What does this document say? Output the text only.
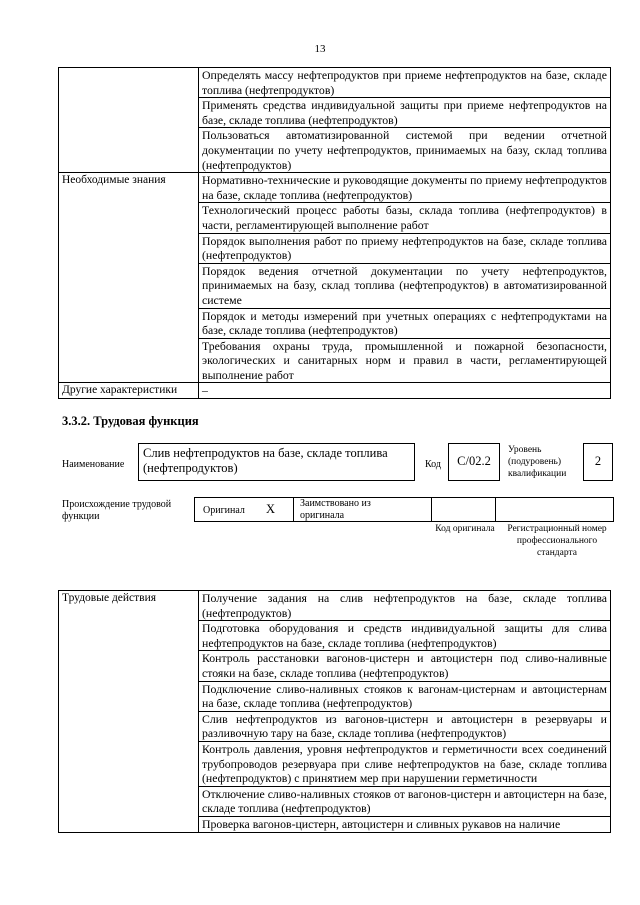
13

	Определять массу нефтепродуктов при приеме нефтепродуктов на базе, складе топлива (нефтепродуктов)

	Применять средства индивидуальной защиты при приеме нефтепродуктов на базе, складе топлива (нефтепродуктов)

	Пользоваться автоматизированной системой при ведении отчетной документации по учету нефтепродуктов, принимаемых на базу, склад топлива (нефтепродуктов)

Необходимые знания	Нормативно-технические и руководящие документы по приему нефтепродуктов на базе, складе топлива (нефтепродуктов)

	Технологический процесс работы базы, склада топлива (нефтепродуктов) в части, регламентирующей выполнение работ

	Порядок выполнения работ по приему нефтепродуктов на базе, складе топлива (нефтепродуктов)

	Порядок ведения отчетной документации по учету нефтепродуктов, принимаемых на базу, склад топлива (нефтепродуктов) в автоматизированной системе

	Порядок и методы измерений при учетных операциях с нефтепродуктами на базе, складе топлива (нефтепродуктов)

	Требования охраны труда, промышленной и пожарной безопасности, экологических и санитарных норм и правил в части, регламентирующей выполнение работ

Другие характеристики	–
3.3.2. Трудовая функция
Наименование
Слив нефтепродуктов на базе, складе топлива (нефтепродуктов)	Код	C/02.2
Уровень (подуровень) квалификации
2
Происхождение трудовой функции
Оригинал X Заимствовано из оригинала
Код оригинала	Регистрационный номер профессионального стандарта
Трудовые действия	Получение задания на слив нефтепродуктов на базе, складе топлива (нефтепродуктов)

Подготовка оборудования и средств индивидуальной защиты для слива нефтепродуктов на базе, складе топлива (нефтепродуктов)

Контроль расстановки вагонов-цистерн и автоцистерн под сливо-наливные стояки на базе, складе топлива (нефтепродуктов)

Подключение сливо-наливных стояков к вагонам-цистернам и автоцистернам на базе, складе топлива (нефтепродуктов)

Слив нефтепродуктов из вагонов-цистерн и автоцистерн в резервуары и разливочную тару на базе, складе топлива (нефтепродуктов)

Контроль давления, уровня нефтепродуктов и герметичности всех соединений трубопроводов резервуара при сливе нефтепродуктов на базе, складе топлива (нефтепродуктов) с принятием мер при нарушении герметичности

Отключение сливо-наливных стояков от вагонов-цистерн и автоцистерн на базе, складе топлива (нефтепродуктов)

Проверка вагонов-цистерн, автоцистерн и сливных рукавов на наличие
